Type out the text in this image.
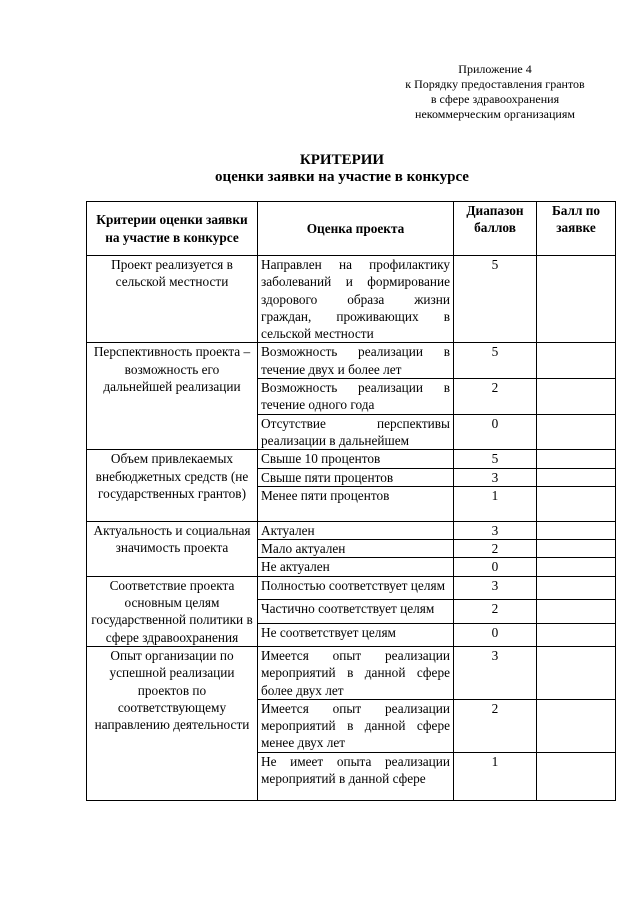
Приложение 4
к Порядку предоставления грантов
в сфере здравоохранения
некоммерческим организациям
КРИТЕРИИ
оценки заявки на участие в конкурсе
Критерии оценки заявки на участие в конкурсе	Оценка проекта	Диапазон баллов	Балл по заявке
Проект реализуется в сельской местности	Направлен на профилактику заболеваний и формирование здорового образа жизни граждан, проживающих в сельской местности	5	
Перспективность проекта – возможность его дальнейшей реализации	Возможность реализации в течение двух и более лет	5	
	Возможность реализации в течение одного года	2	
	Отсутствие перспективы реализации в дальнейшем	0	
Объем привлекаемых внебюджетных средств (не государственных грантов)	Свыше 10 процентов	5	
	Свыше пяти процентов	3	
	Менее пяти процентов	1	
Актуальность и социальная значимость проекта	Актуален	3	
	Мало актуален	2	
	Не актуален	0	
Соответствие проекта основным целям государственной политики в сфере здравоохранения	Полностью соответствует целям	3	
	Частично соответствует целям	2	
	Не соответствует целям	0	
Опыт организации по успешной реализации проектов по соответствующему направлению деятельности	Имеется опыт реализации мероприятий в данной сфере более двух лет	3	
	Имеется опыт реализации мероприятий в данной сфере менее двух лет	2	
	Не имеет опыта реализации мероприятий в данной сфере	1	
